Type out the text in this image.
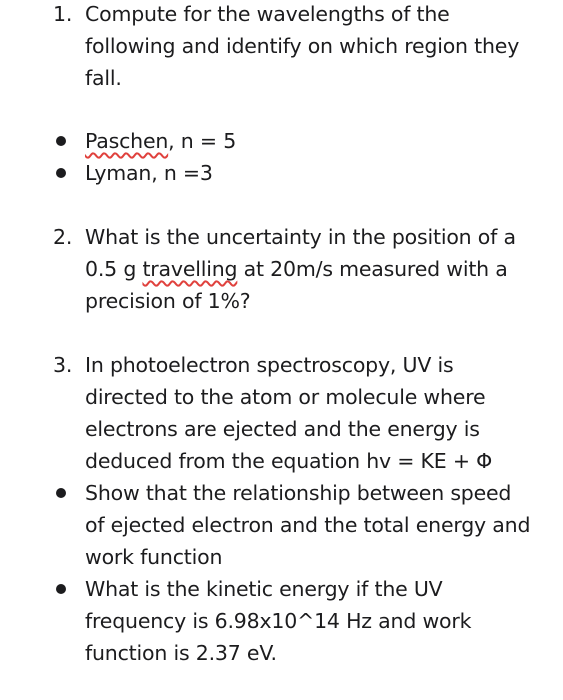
1. Compute for the wavelengths of the
following and identify on which region they
fall.
Paschen, n = 5
Lyman, n =3
2. What is the uncertainty in the position of a
0.5 g travelling at 20m/s measured with a
precision of 1%?
3. In photoelectron spectroscopy, UV is
directed to the atom or molecule where
electrons are ejected and the energy is
deduced from the equation hv = KE + Φ
Show that the relationship between speed
of ejected electron and the total energy and
work function
What is the kinetic energy if the UV
frequency is 6.98x10^14 Hz and work
function is 2.37 eV.
